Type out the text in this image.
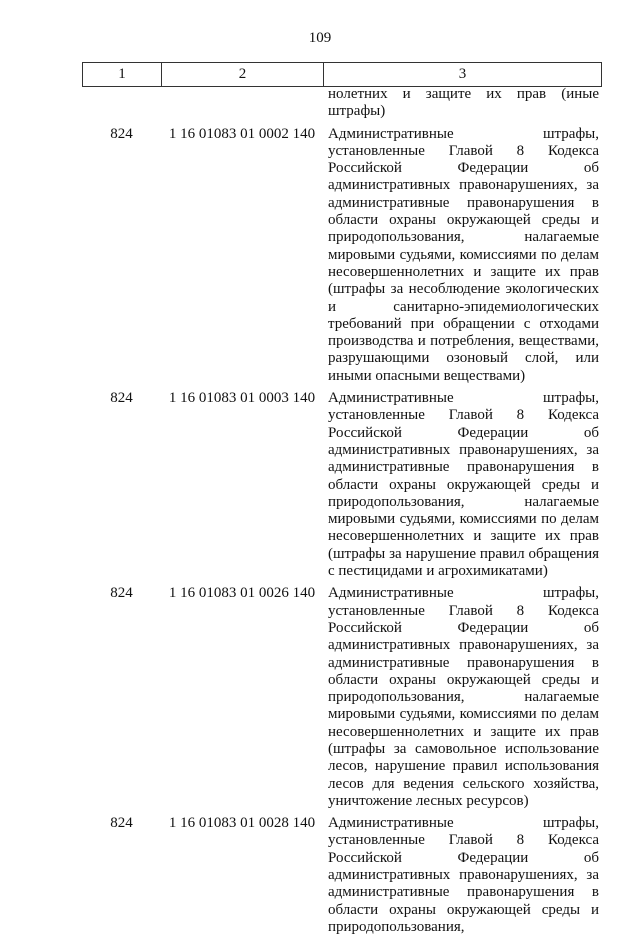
109
1	2	3
нолетних и защите их прав (иные штрафы)
824	1 16 01083 01 0002 140 Административные штрафы, установленные Главой 8 Кодекса Российской Федерации об административных правонарушениях, за административные правонарушения в области охраны окружающей среды и природопользования, налагаемые мировыми судьями, комиссиями по делам несовершеннолетних и защите их прав (штрафы за несоблюдение экологических и санитарно-эпидемиологических требований при обращении с отходами производства и потребления, веществами, разрушающими озоновый слой, или иными опасными веществами)
824	1 16 01083 01 0003 140 Административные штрафы, установленные Главой 8 Кодекса Российской Федерации об административных правонарушениях, за административные правонарушения в области охраны окружающей среды и природопользования, налагаемые мировыми судьями, комиссиями по делам несовершеннолетних и защите их прав (штрафы за нарушение правил обращения с пестицидами и агрохимикатами)
824	1 16 01083 01 0026 140 Административные штрафы, установленные Главой 8 Кодекса Российской Федерации об административных правонарушениях, за административные правонарушения в области охраны окружающей среды и природопользования, налагаемые мировыми судьями, комиссиями по делам несовершеннолетних и защите их прав (штрафы за самовольное использование лесов, нарушение правил использования лесов для ведения сельского хозяйства, уничтожение лесных ресурсов)
824	1 16 01083 01 0028 140 Административные штрафы, установленные Главой 8 Кодекса Российской Федерации об административных правонарушениях, за административные правонарушения в области охраны окружающей среды и природопользования,
